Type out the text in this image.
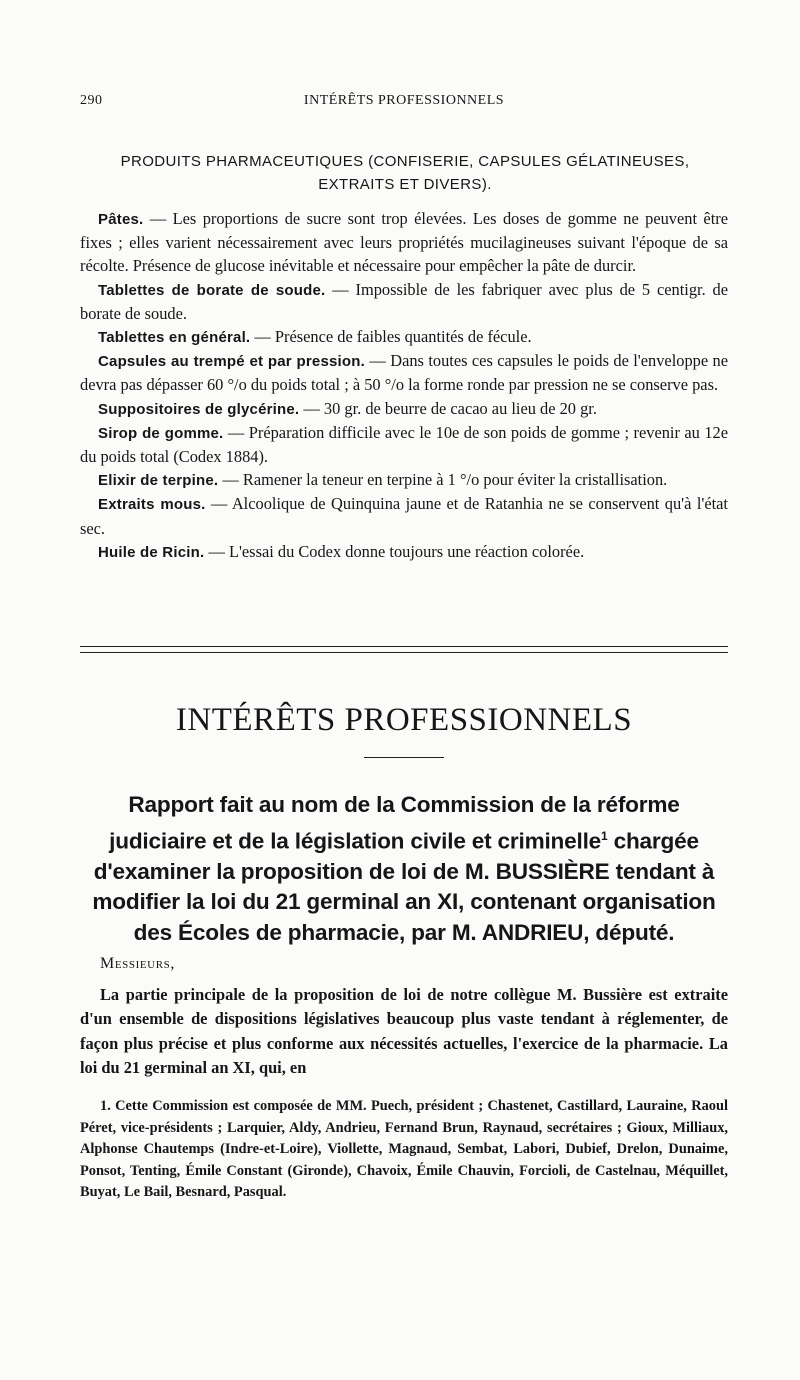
290	INTÉRÊTS PROFESSIONNELS
PRODUITS PHARMACEUTIQUES (CONFISERIE, CAPSULES GÉLATINEUSES,
EXTRAITS ET DIVERS).

Pâtes. — Les proportions de sucre sont trop élevées. Les doses de gomme ne peuvent être fixes ; elles varient nécessairement avec leurs propriétés mucilagineuses suivant l'époque de sa récolte. Présence de glucose inévitable et nécessaire pour empêcher la pâte de durcir.

Tablettes de borate de soude. — Impossible de les fabriquer avec plus de 5 centigr. de borate de soude.

Tablettes en général. — Présence de faibles quantités de fécule.

Capsules au trempé et par pression. — Dans toutes ces capsules le poids de l'enveloppe ne devra pas dépasser 60 °/o du poids total ; à 50 °/o la forme ronde par pression ne se conserve pas.

Suppositoires de glycérine. — 30 gr. de beurre de cacao au lieu de 20 gr.

Sirop de gomme. — Préparation difficile avec le 10e de son poids de gomme ; revenir au 12e du poids total (Codex 1884).

Elixir de terpine. — Ramener la teneur en terpine à 1 °/o pour éviter la cristallisation.

Extraits mous. — Alcoolique de Quinquina jaune et de Ratanhia ne se conservent qu'à l'état sec.

Huile de Ricin. — L'essai du Codex donne toujours une réaction colorée.

INTÉRÊTS PROFESSIONNELS
Rapport fait au nom de la Commission de la réforme judiciaire et de la législation civile et criminelle$^1$ chargée d'examiner la proposition de loi de M. BUSSIÈRE tendant à modifier la loi du 21 germinal an XI, contenant organisation des Écoles de pharmacie, par M. ANDRIEU, député.
Messieurs,

La partie principale de la proposition de loi de notre collègue M. Bussière est extraite d'un ensemble de dispositions législatives beaucoup plus vaste tendant à réglementer, de façon plus précise et plus conforme aux nécessités actuelles, l'exercice de la pharmacie. La loi du 21 germinal an XI, qui, en

1. Cette Commission est composée de MM. Puech, président ; Chastenet, Castillard, Lauraine, Raoul Péret, vice-présidents ; Larquier, Aldy, Andrieu, Fernand Brun, Raynaud, secrétaires ; Gioux, Milliaux, Alphonse Chautemps (Indre-et-Loire), Viollette, Magnaud, Sembat, Labori, Dubief, Drelon, Dunaime, Ponsot, Tenting, Émile Constant (Gironde), Chavoix, Émile Chauvin, Forcioli, de Castelnau, Méquillet, Buyat, Le Bail, Besnard, Pasqual.
